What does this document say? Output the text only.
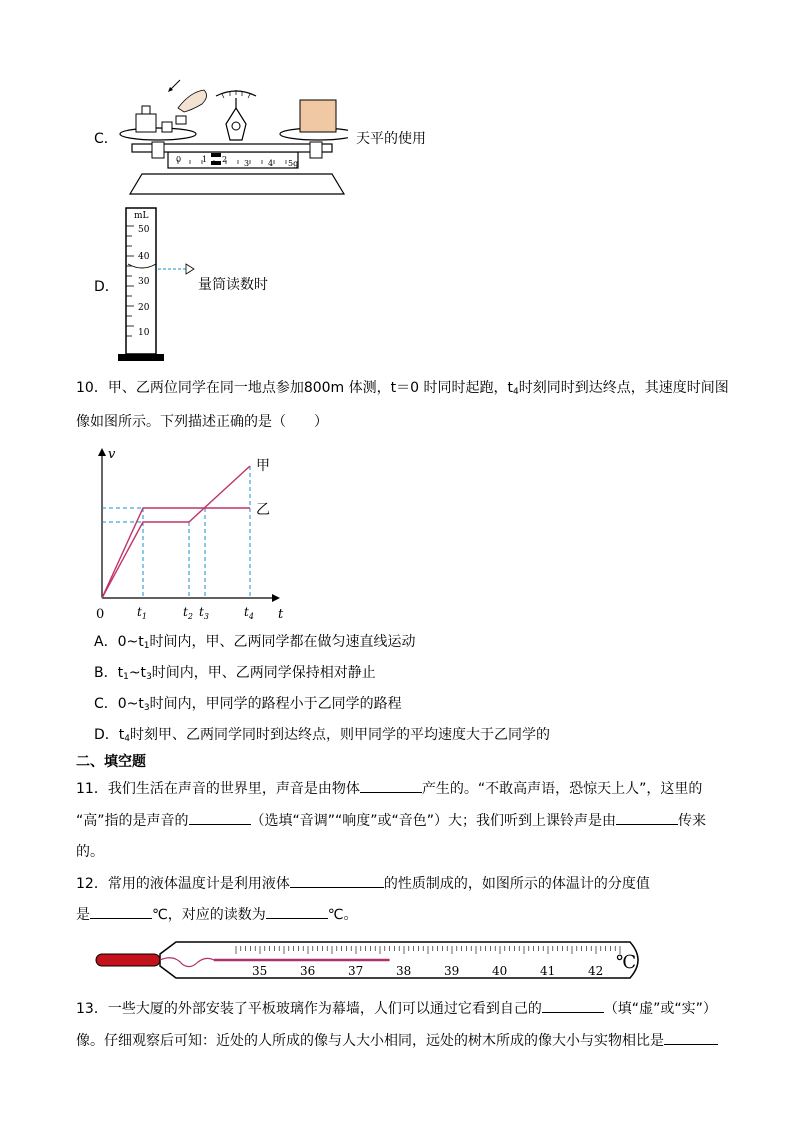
C．
0	1 2 3 4 5g
天平的使用
D．
mL
50
40
30
20
10
量筒读数时
10．甲、乙两位同学在同一地点参加800m 体测，t＝0 时同时起跑，$t_4$时刻同时到达终点，其速度时间图
像如图所示。下列描述正确的是（　　）
v
t
0
甲
乙
$t_1$	$t_2$ $t_3$	$t_4$
A．$0\sim t_1$时间内，甲、乙两同学都在做匀速直线运动
B．$t_1\sim t_3$时间内，甲、乙两同学保持相对静止
C．$0\sim t_3$时间内，甲同学的路程小于乙同学的路程
D．$t_4$时刻甲、乙两同学同时到达终点，则甲同学的平均速度大于乙同学的
二、填空题
11．我们生活在声音的世界里，声音是由物体	产生的。“不敢高声语，恐惊天上人”，这里的
“高”指的是声音的	（选填“音调”“响度”或“音色”）大；我们听到上课铃声是由	传来
的。
12．常用的液体温度计是利用液体	的性质制成的，如图所示的体温计的分度值
是	℃，对应的读数为	℃。
35	36	37	38	39	40	41	42 ℃
13．一些大厦的外部安装了平板玻璃作为幕墙，人们可以通过它看到自己的	（填“虚”或“实”）
像。仔细观察后可知：近处的人所成的像与人大小相同，远处的树木所成的像大小与实物相比是
